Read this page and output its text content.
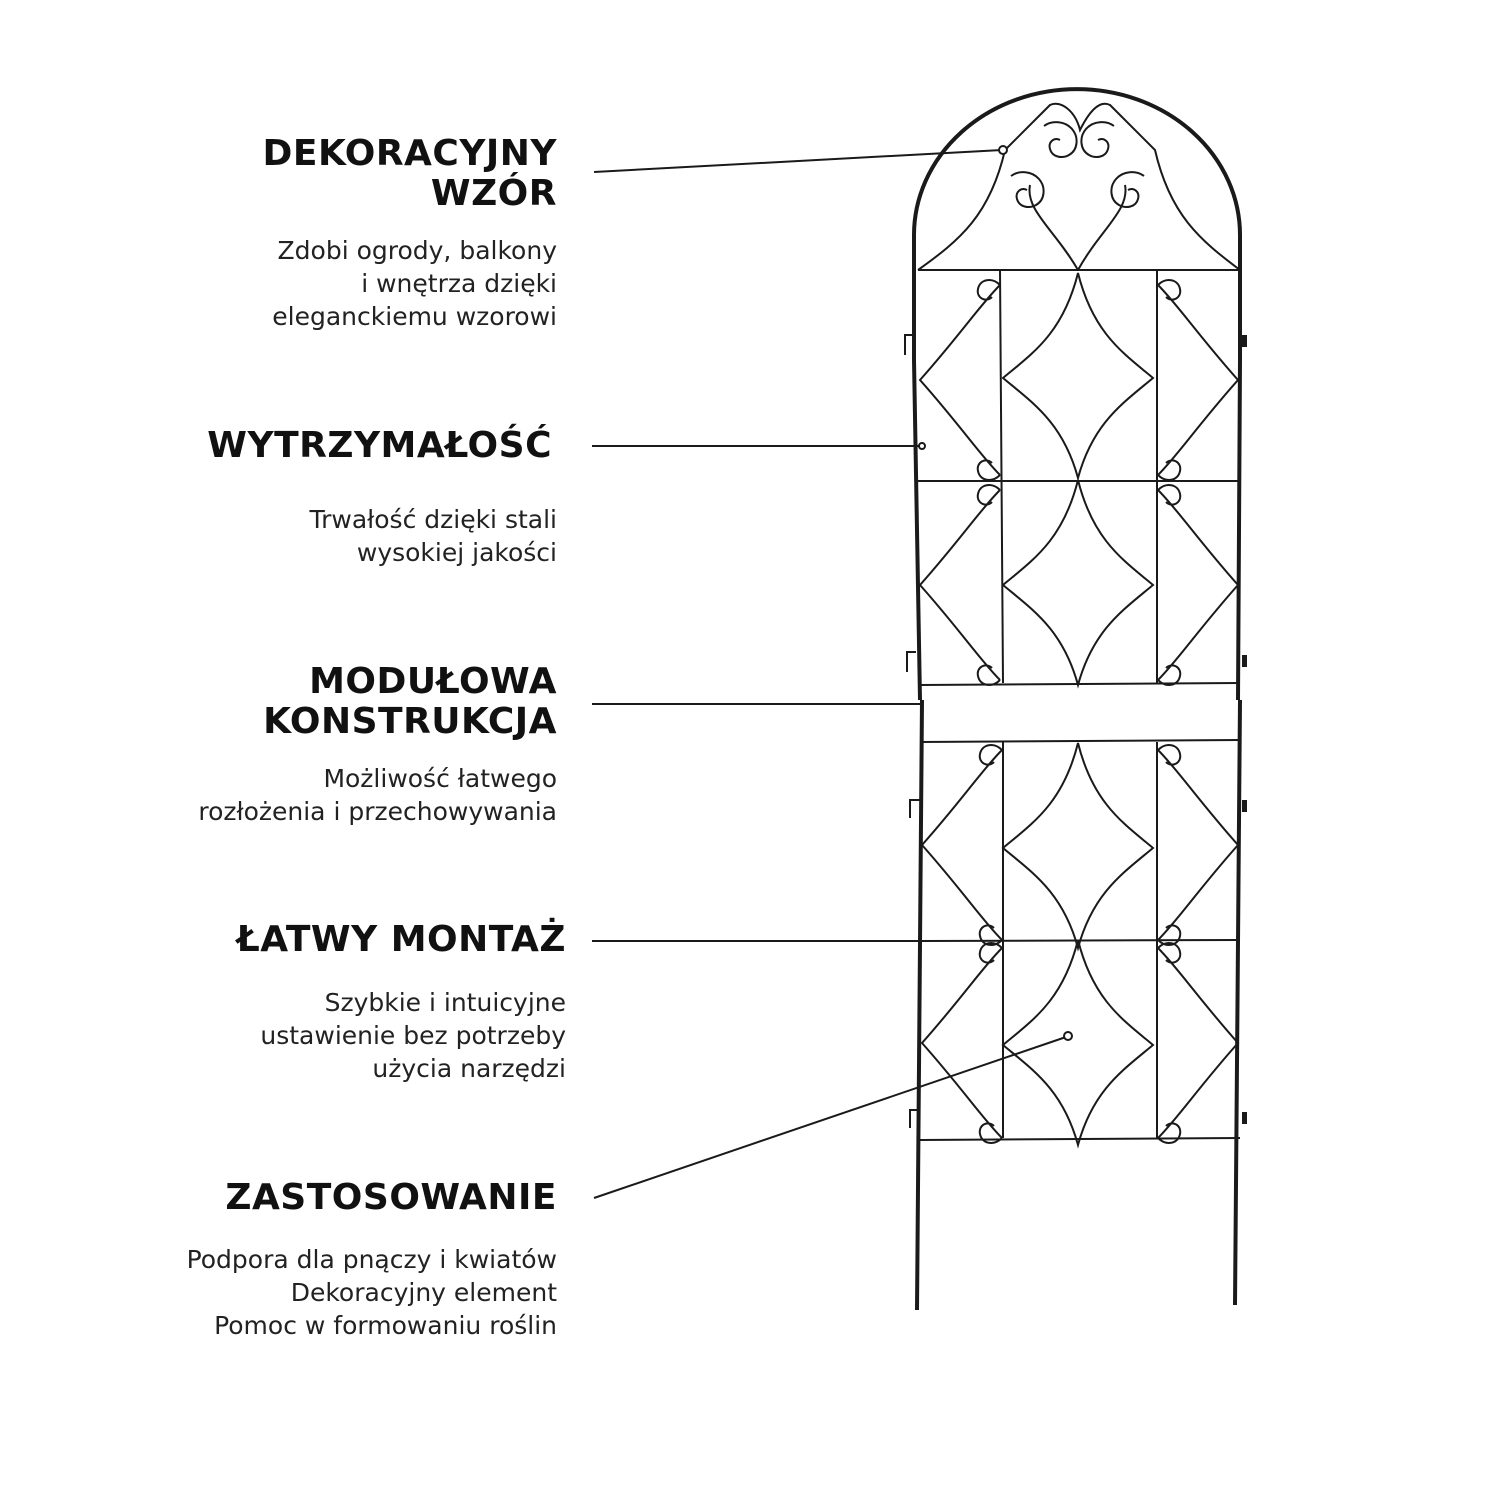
DEKORACYJNY
WZÓR
Zdobi ogrody, balkony
i wnętrza dzięki
eleganckiemu wzorowi
WYTRZYMAŁOŚĆ
Trwałość dzięki stali
wysokiej jakości
MODUŁOWA
KONSTRUKCJA
Możliwość łatwego
rozłożenia i przechowywania
ŁATWY MONTAŻ
Szybkie i intuicyjne
ustawienie bez potrzeby
użycia narzędzi
ZASTOSOWANIE
Podpora dla pnączy i kwiatów
Dekoracyjny element
Pomoc w formowaniu roślin
